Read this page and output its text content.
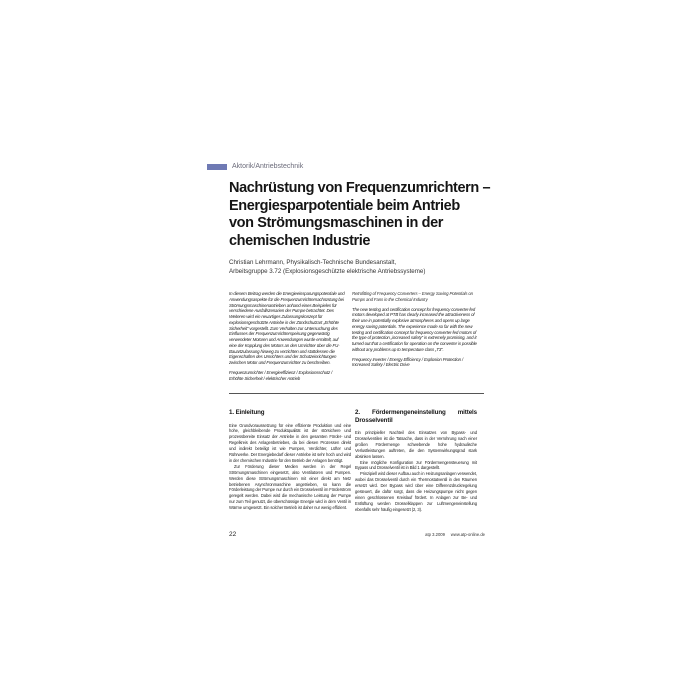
Aktorik/Antriebstechnik
Nachrüstung von Frequenzumrichtern –
Energiesparpotentiale beim Antrieb
von Strömungsmaschinen in der
chemischen Industrie
Christian Lehrmann, Physikalisch-Technische Bundesanstalt,
Arbeitsgruppe 3.72 (Explosionsgeschützte elektrische Antriebssysteme)

In diesem Beitrag werden die Energieeinsparungspotentiale und Anwendungsaspekte für die Frequenzumrichternachrüstung bei Strömungsmaschinenantrieben anhand eines Beispieles für verschiedene Ausfallszenarien der Pumpe betrachtet. Des Weiteren wird ein neuartiges Zulassungskonzept für explosionsgeschützte Antriebe in der Zündschutzart „Erhöhte Sicherheit“ vorgestellt. Zum Verhalten zur Untersuchung des Einflusses der Frequenzumrichterspeisung gegenwärtig verwendeter Motoren und Anwendungen wurde ermittelt, auf eine der Kopplung des Motors an den Umrichter über die FU-Bauartzulassung hinweg zu verzichten und stattdessen die Eigenschaften des Umrichters und der Schutzeinrichtungen zwischen Motor und Frequenzumrichter zu beschreiben.

Frequenzumrichter / Energieeffizienz / Explosionsschutz / Erhöhte Sicherheit / elektrischer Antrieb

Retrofitting of Frequency Converters – Energy Saving Potentials on Pumps and Fans in the Chemical Industry

The new testing and certification concept for frequency converter-fed motors developed at PTB has clearly increased the attractiveness of their use in potentially explosive atmospheres and opens up large energy saving potentials. The experience made so far with the new testing and certification concept for frequency converter-fed motors of the type of protection „increased safety“ is extremely promising, and it turned out that a certification for operation on the converter is possible without any problems up to temperature class „T3“.

Frequency Inverter / Energy Efficiency / Explosion Protection / Increased Safety / Electric Drive

1. Einleitung

Eine Grundvoraussetzung für eine effiziente Produktion und eine hohe, gleichbleibende Produktqualität ist der störsichere und prozessbereite Einsatz der Antriebe in den gesamten Förder- und Regelkreis des Anlagenbetriebes, da bei diesen Prozessen direkt und indirekt beteiligt ist wie Pumpen, Verdichter, Lüfter und Rührwerke. Der Energiebedarf dieser Antriebe ist sehr hoch und wird in der chemischen Industrie für den Betrieb der Anlagen benötigt.

Zur Förderung dieser Medien werden in der Regel Strömungsmaschinen eingesetzt, also Ventilatoren und Pumpen. Werden diese Strömungsmaschinen mit einer direkt am Netz betriebenen Asynchronmaschine angetrieben, so kann die Förderleistung der Pumpe nur durch ein Drosselventil im Förderstrom geregelt werden. Dabei wird die mechanische Leistung der Pumpe nur zum Teil genutzt, die überschüssige Energie wird in dem Ventil in Wärme umgesetzt. Ein solcher Betrieb ist daher nur wenig effizient.

2. Fördermengeneinstellung mittels Drosselventil

Ein prinzipieller Nachteil des Einsatzes von Bypass- und Drosselventilen ist die Tatsache, dass in der Verrohrung nach einer großen Fördermenge schwebende hohe hydraulische Verlustleistungen auftreten, die den Systemwirkungsgrad stark absinken lassen.

Eine mögliche Konfiguration zur Fördermengensteuerung mit Bypass und Drosselventil ist in Bild 1 dargestellt.

Prinzipiell wird dieser Aufbau auch in Heizungsanlagen verwendet, wobei das Drosselventil durch ein Thermostatventil in den Räumen ersetzt wird. Der Bypass wird über eine Differenzdruckregelung gesteuert, die dafür sorgt, dass die Heizungspumpe nicht gegen einen geschlossenen Kreislauf fördert. In Anlagen zur Be- und Entlüftung werden Drosselklappen zur Luftmengeneinstellung ebenfalls sehr häufig eingesetzt (2, 3).

22	atp 3.2009 www.atp-online.de
